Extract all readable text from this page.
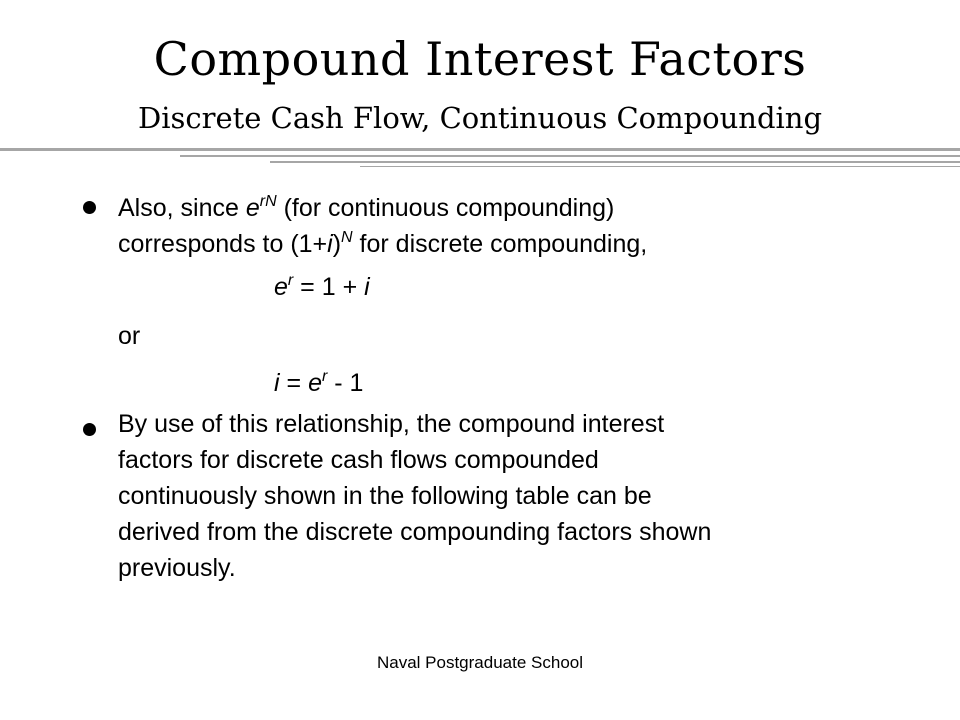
Compound Interest Factors
Discrete Cash Flow, Continuous Compounding
Also, since $e^{rN}$ (for continuous compounding)
corresponds to $(1+i)^N$ for discrete compounding,
$e^r = 1 + i$
or
$i = e^r - 1$
By use of this relationship, the compound interest
factors for discrete cash flows compounded
continuously shown in the following table can be
derived from the discrete compounding factors shown
previously.
Naval Postgraduate School
